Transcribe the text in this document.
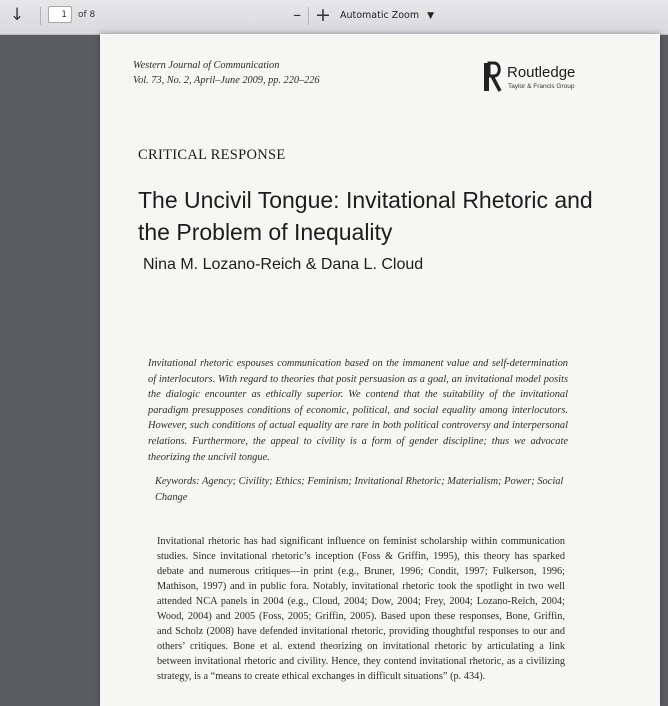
↓	1	of 8	– + Automatic Zoom ▼
Western Journal of Communication
Vol. 73, No. 2, April–June 2009, pp. 220–226	Routledge
Taylor & Francis Group
CRITICAL RESPONSE
The Uncivil Tongue: Invitational Rhetoric and the Problem of Inequality
Nina M. Lozano-Reich & Dana L. Cloud
Invitational rhetoric espouses communication based on the immanent value and self-determination of interlocutors. With regard to theories that posit persuasion as a goal, an invitational model posits the dialogic encounter as ethically superior. We contend that the suitability of the invitational paradigm presupposes conditions of economic, political, and social equality among interlocutors. However, such conditions of actual equality are rare in both political controversy and interpersonal relations. Furthermore, the appeal to civility is a form of gender discipline; thus we advocate theorizing the uncivil tongue.
Keywords: Agency; Civility; Ethics; Feminism; Invitational Rhetoric; Materialism; Power; Social Change
Invitational rhetoric has had significant influence on feminist scholarship within communication studies. Since invitational rhetoric’s inception (Foss & Griffin, 1995), this theory has sparked debate and numerous critiques—in print (e.g., Bruner, 1996; Condit, 1997; Fulkerson, 1996; Mathison, 1997) and in public fora. Notably, invitational rhetoric took the spotlight in two well attended NCA panels in 2004 (e.g., Cloud, 2004; Dow, 2004; Frey, 2004; Lozano-Reich, 2004; Wood, 2004) and 2005 (Foss, 2005; Griffin, 2005). Based upon these responses, Bone, Griffin, and Scholz (2008) have defended invitational rhetoric, providing thoughtful responses to our and others’ critiques. Bone et al. extend theorizing on invitational rhetoric by articulating a link between invitational rhetoric and civility. Hence, they contend invitational rhetoric, as a civilizing strategy, is a “means to create ethical exchanges in difficult situations” (p. 434).
